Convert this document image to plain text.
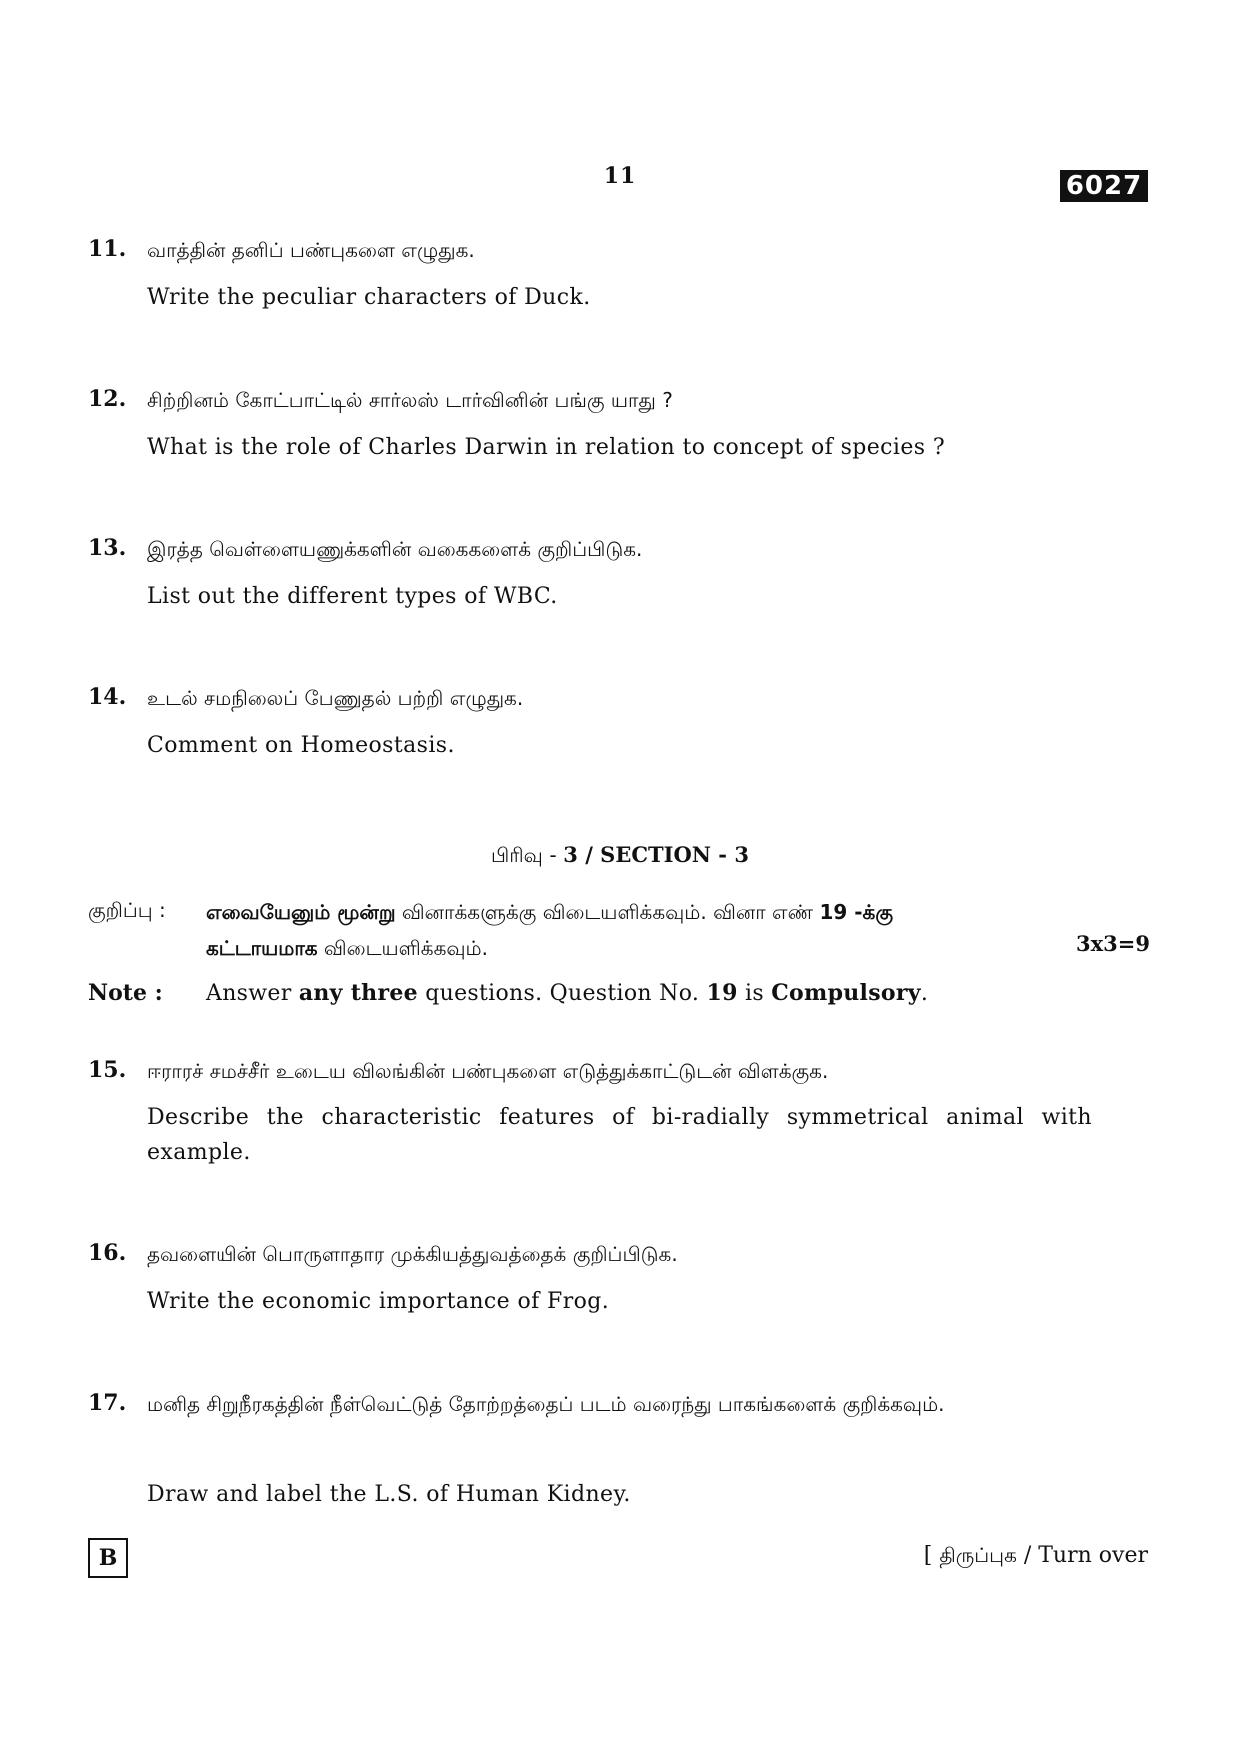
11	6027
11. வாத்தின் தனிப் பண்புகளை எழுதுக.
Write the peculiar characters of Duck.
12. சிற்றினம் கோட்பாட்டில் சார்லஸ் டார்வினின் பங்கு யாது ?
What is the role of Charles Darwin in relation to concept of species ?
13. இரத்த வெள்ளையணுக்களின் வகைகளைக் குறிப்பிடுக.
List out the different types of WBC.
14. உடல் சமநிலைப் பேணுதல் பற்றி எழுதுக.
Comment on Homeostasis.
பிரிவு - 3 / SECTION - 3
குறிப்பு : எவையேனும் மூன்று வினாக்களுக்கு விடையளிக்கவும். வினா எண் 19 -க்கு
கட்டாயமாக விடையளிக்கவும்.	3x3=9
Note : Answer any three questions. Question No. 19 is Compulsory.
15. ஈராரச் சமச்சீர் உடைய விலங்கின் பண்புகளை எடுத்துக்காட்டுடன் விளக்குக.
Describe the characteristic features of bi-radially symmetrical animal with example.
16. தவளையின் பொருளாதார முக்கியத்துவத்தைக் குறிப்பிடுக.
Write the economic importance of Frog.
17. மனித சிறுநீரகத்தின் நீள்வெட்டுத் தோற்றத்தைப் படம் வரைந்து பாகங்களைக் குறிக்கவும்.
Draw and label the L.S. of Human Kidney.
B	[ திருப்புக / Turn over
